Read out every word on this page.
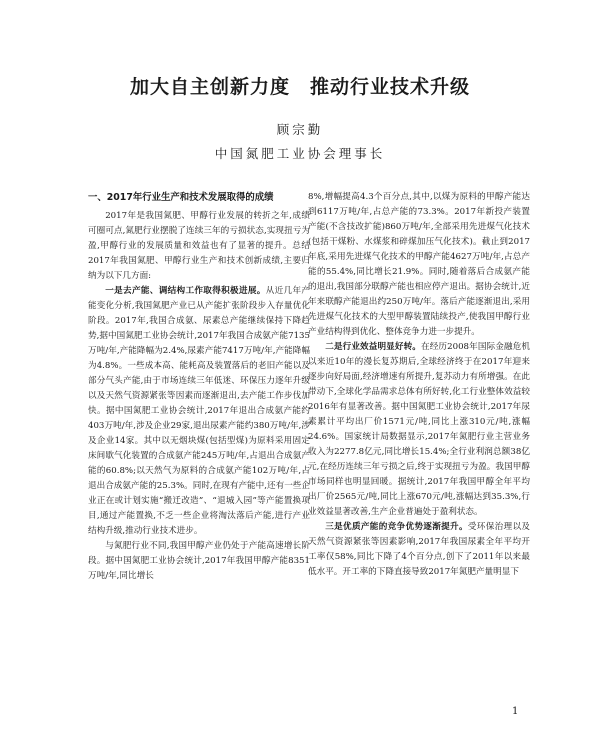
加大自主创新力度　推动行业技术升级
顾宗勤
中国氮肥工业协会理事长
一、2017年行业生产和技术发展取得的成绩

2017年是我国氮肥、甲醇行业发展的转折之年,成绩可圈可点,氮肥行业摆脱了连续三年的亏损状态,实现扭亏为盈,甲醇行业的发展质量和效益也有了显著的提升。总结2017年我国氮肥、甲醇行业生产和技术创新成绩,主要归纳为以下几方面:

一是去产能、调结构工作取得积极进展。从近几年产能变化分析,我国氮肥产业已从产能扩张阶段步入存量优化阶段。2017年,我国合成氨、尿素总产能继续保持下降趋势,据中国氮肥工业协会统计,2017年我国合成氨产能7135万吨/年,产能降幅为2.4%,尿素产能7417万吨/年,产能降幅为4.8%。一些成本高、能耗高及装置落后的老旧产能以及部分气头产能,由于市场连续三年低迷、环保压力逐年升级以及天然气资源紧张等因素而逐渐退出,去产能工作步伐加快。据中国氮肥工业协会统计,2017年退出合成氨产能约403万吨/年,涉及企业29家,退出尿素产能约380万吨/年,涉及企业14家。其中以无烟块煤(包括型煤)为原料采用固定床间歇气化装置的合成氨产能245万吨/年,占退出合成氨产能的60.8%;以天然气为原料的合成氨产能102万吨/年,占退出合成氨产能的25.3%。同时,在现有产能中,还有一些企业正在或计划实施“搬迁改造”、“退城入园”等产能置换项目,通过产能置换,不乏一些企业将淘汰落后产能,进行产业结构升级,推动行业技术进步。

与氮肥行业不同,我国甲醇产业仍处于产能高速增长阶段。据中国氮肥工业协会统计,2017年我国甲醇产能8351万吨/年,同比增长

8%,增幅提高4.3个百分点,其中,以煤为原料的甲醇产能达到6117万吨/年,占总产能的73.3%。2017年新投产装置产能(不含技改扩能)860万吨/年,全部采用先进煤气化技术(包括干煤粉、水煤浆和碎煤加压气化技术)。截止到2017年底,采用先进煤气化技术的甲醇产能4627万吨/年,占总产能的55.4%,同比增长21.9%。同时,随着落后合成氨产能的退出,我国部分联醇产能也相应停产退出。据协会统计,近年来联醇产能退出约250万吨/年。落后产能逐渐退出,采用先进煤气化技术的大型甲醇装置陆续投产,使我国甲醇行业产业结构得到优化、整体竞争力进一步提升。

二是行业效益明显好转。在经历2008年国际金融危机以来近10年的漫长复苏期后,全球经济终于在2017年迎来逐步向好局面,经济增速有所提升,复苏动力有所增强。在此带动下,全球化学品需求总体有所好转,化工行业整体效益较2016年有显著改善。据中国氮肥工业协会统计,2017年尿素累计平均出厂价1571元/吨,同比上涨310元/吨,涨幅24.6%。国家统计局数据显示,2017年氮肥行业主营业务收入为2277.8亿元,同比增长15.4%;全行业利润总额38亿元,在经历连续三年亏损之后,终于实现扭亏为盈。我国甲醇市场同样也明显回暖。据统计,2017年我国甲醇全年平均出厂价2565元/吨,同比上涨670元/吨,涨幅达到35.3%,行业效益显著改善,生产企业普遍处于盈利状态。

三是优质产能的竞争优势逐渐提升。受环保治理以及天然气资源紧张等因素影响,2017年我国尿素全年平均开工率仅58%,同比下降了4个百分点,创下了2011年以来最低水平。开工率的下降直接导致2017年氮肥产量明显下

1
